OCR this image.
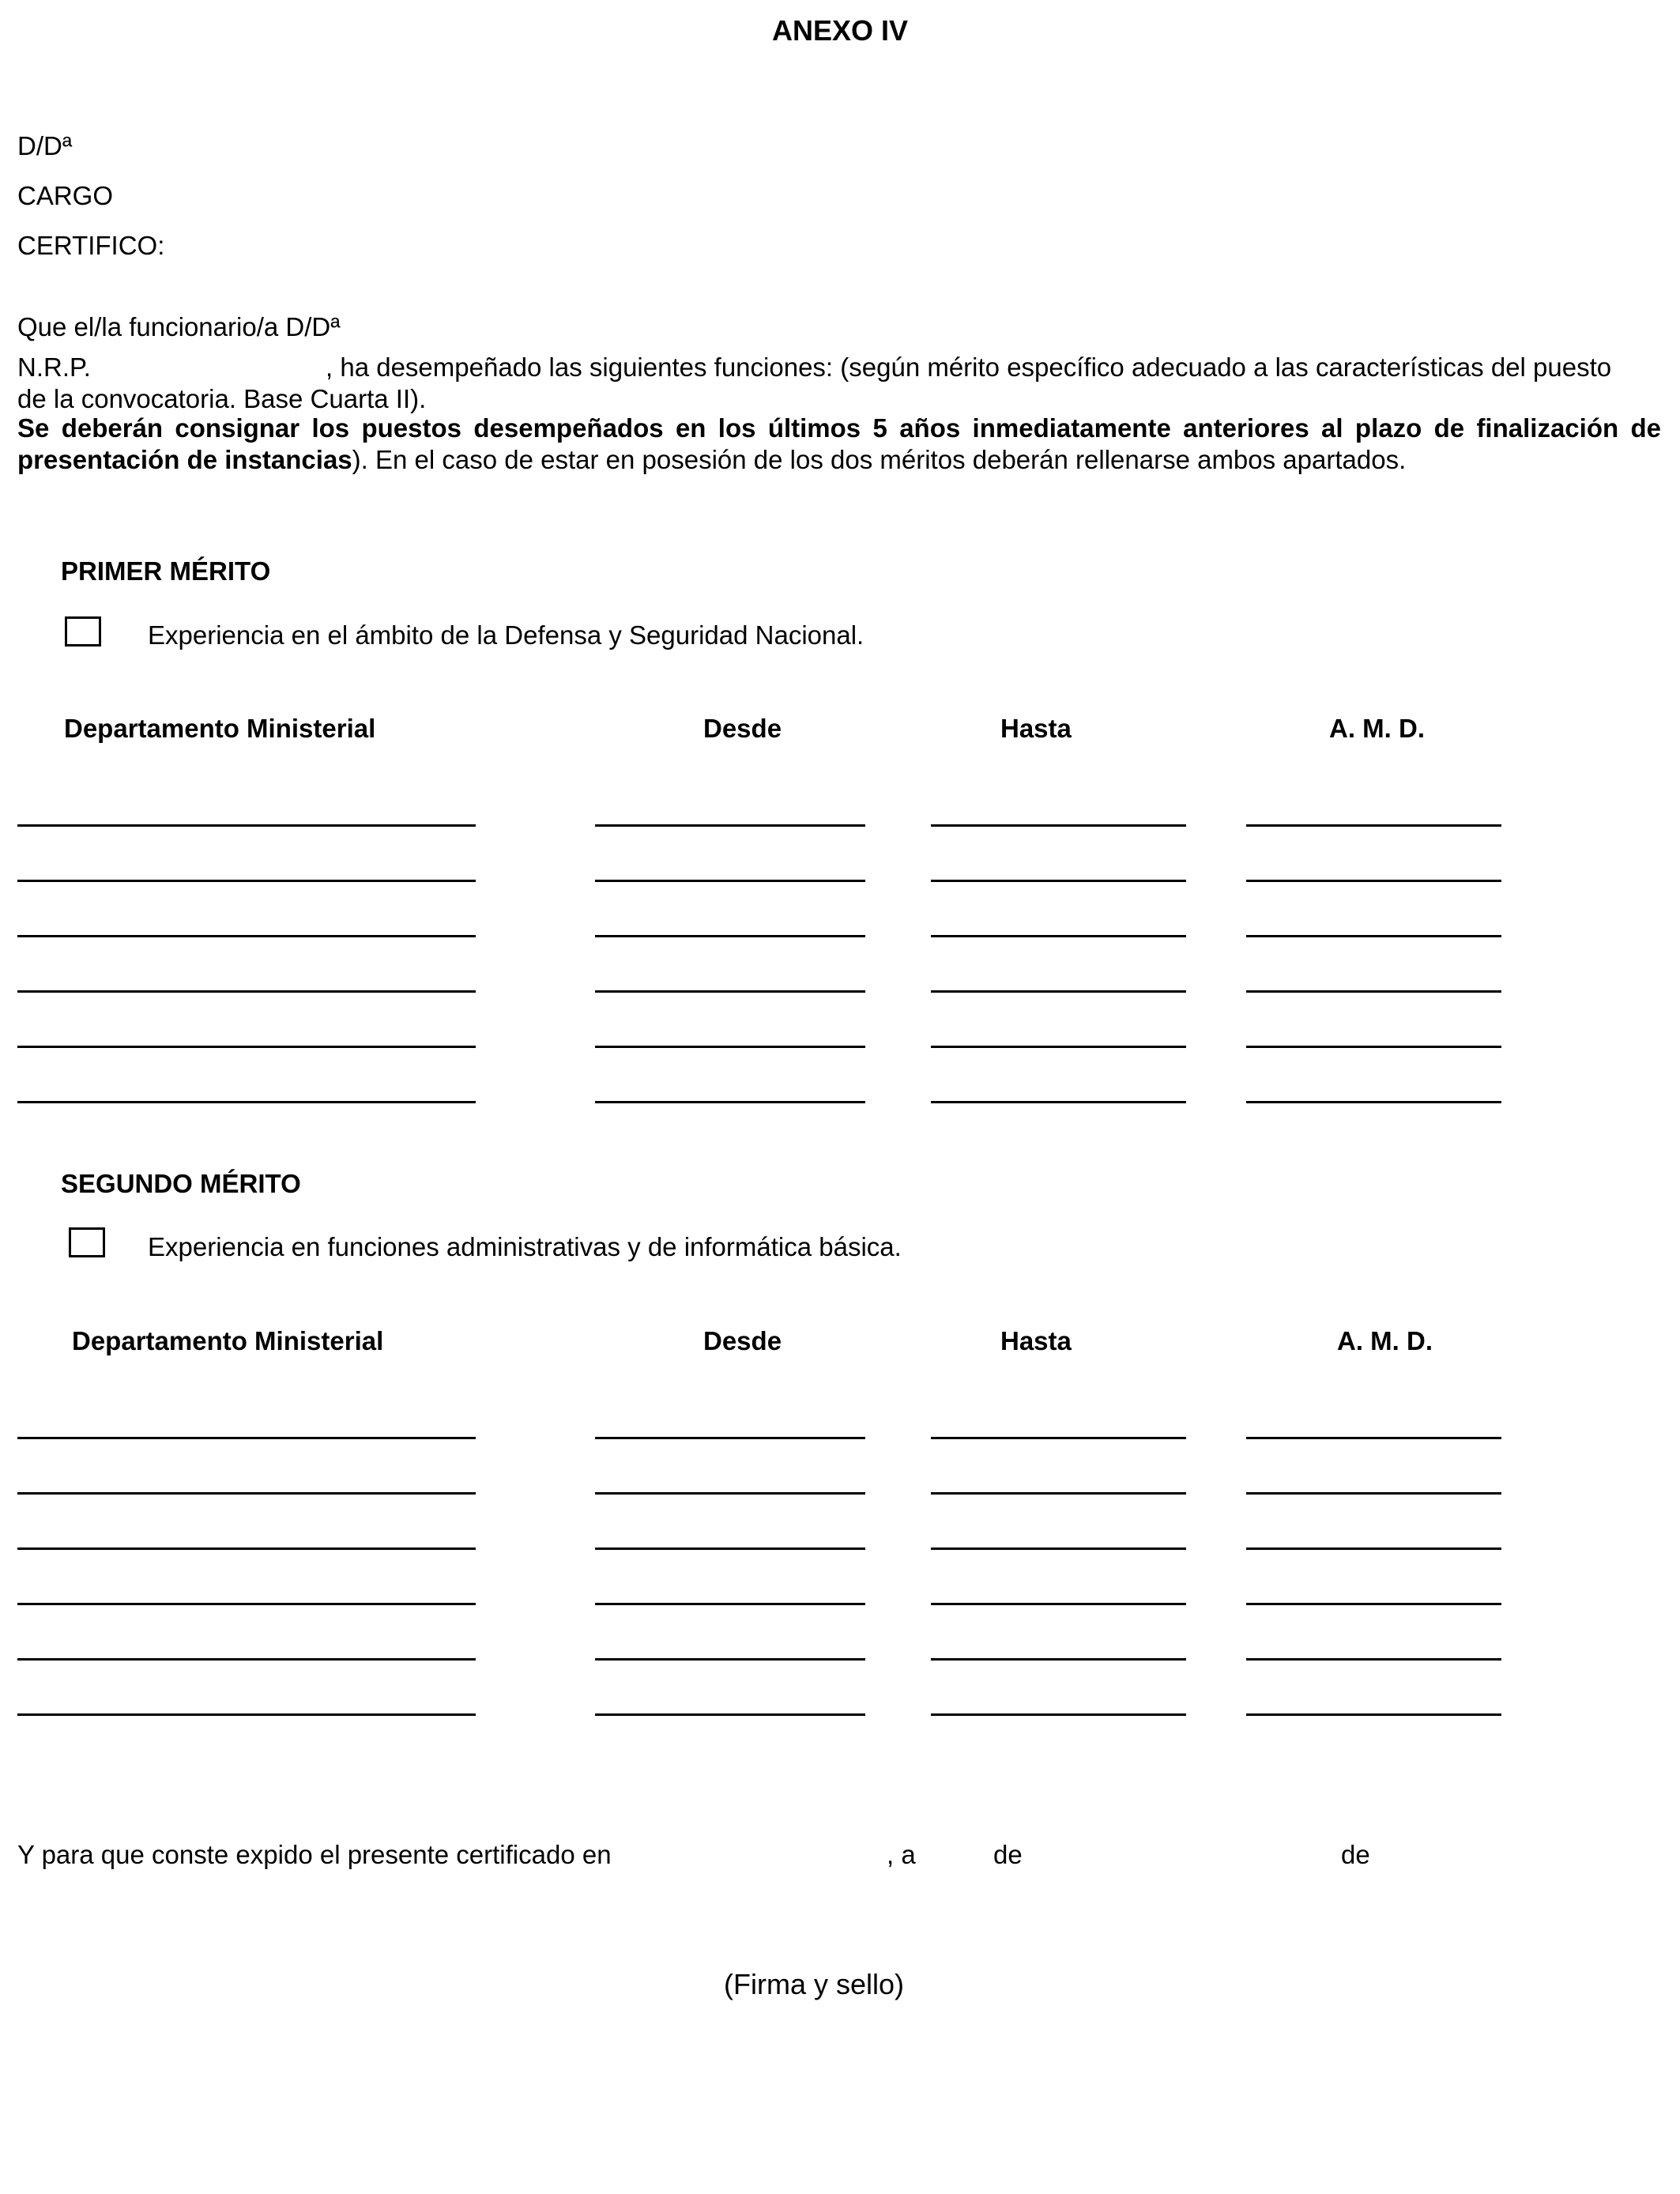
ANEXO IV
D/Dª
CARGO
CERTIFICO:
Que el/la funcionario/a D/Dª
N.R.P.	, ha desempeñado las siguientes funciones: (según mérito específico adecuado a las características del puesto
de la convocatoria. Base Cuarta II).
Se deberán consignar los puestos desempeñados en los últimos 5 años inmediatamente anteriores al plazo de finalización de presentación de instancias). En el caso de estar en posesión de los dos méritos deberán rellenarse ambos apartados.
PRIMER MÉRITO
Experiencia en el ámbito de la Defensa y Seguridad Nacional.
Departamento Ministerial	Desde	Hasta	A. M. D.
SEGUNDO MÉRITO
Experiencia en funciones administrativas y de informática básica.
Departamento Ministerial	Desde	Hasta	A. M. D.
Y para que conste expido el presente certificado en	, a	de	de
(Firma y sello)
